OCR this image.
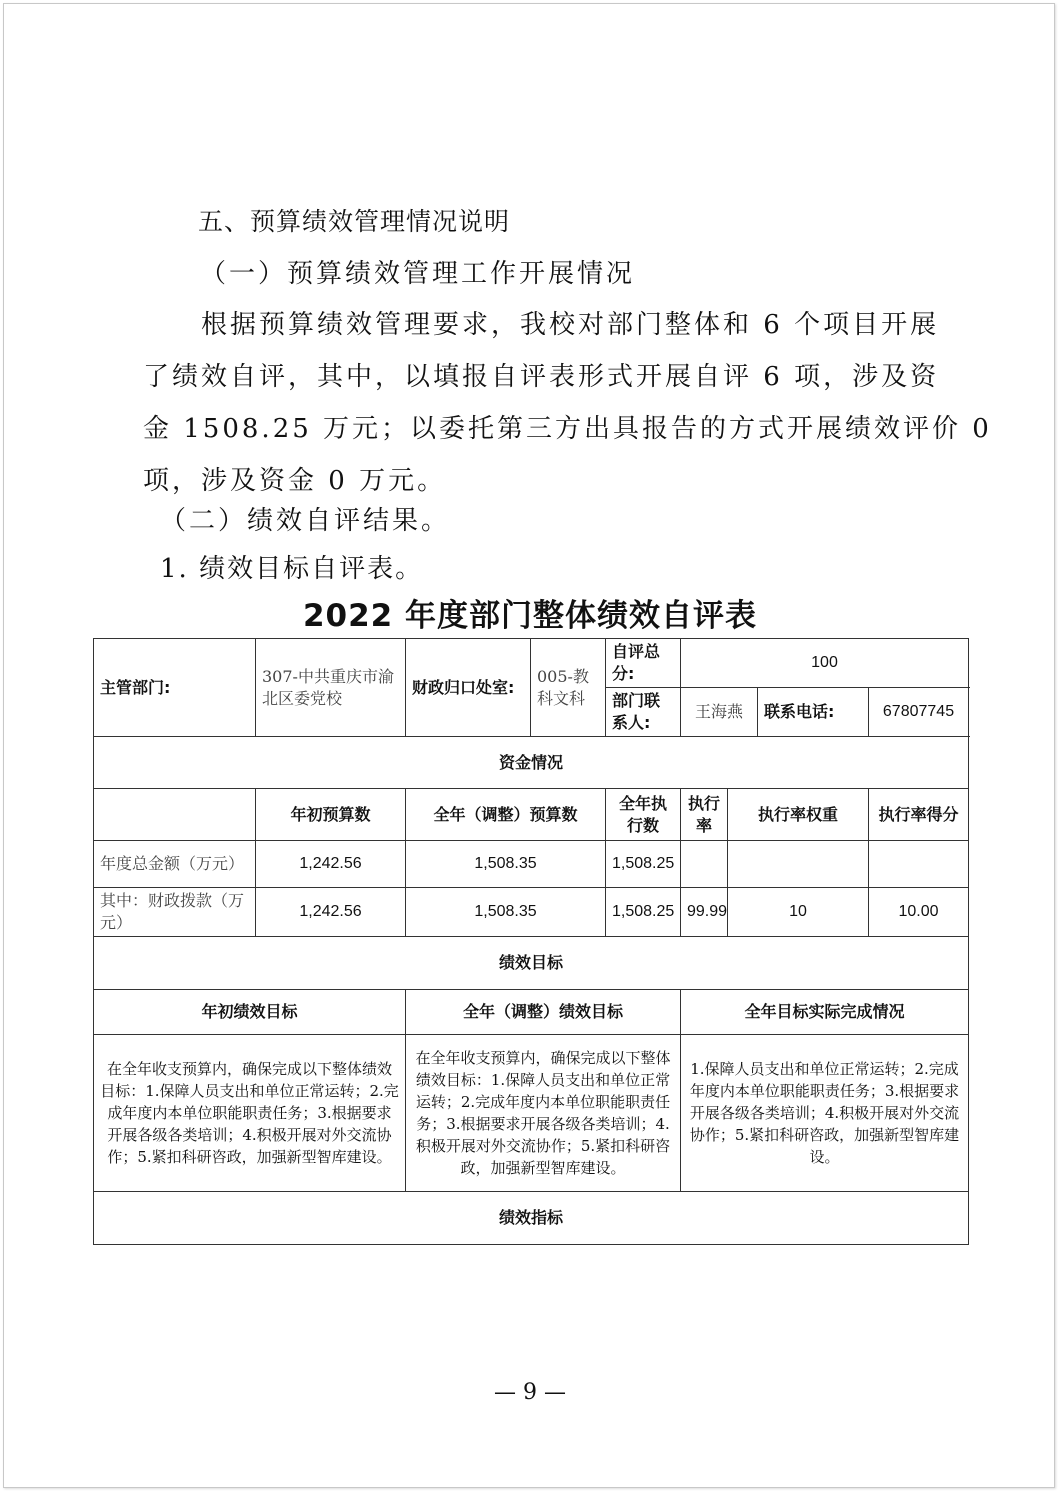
五、预算绩效管理情况说明
（一）预算绩效管理工作开展情况
根据预算绩效管理要求，我校对部门整体和 6 个项目开展
了绩效自评，其中，以填报自评表形式开展自评 6 项，涉及资
金 1508.25 万元；以委托第三方出具报告的方式开展绩效评价 0
项，涉及资金 0 万元。
（二）绩效自评结果。
1. 绩效目标自评表。
2022 年度部门整体绩效自评表
主管部门:	307-中共重庆市渝北区委党校	财政归口处室:	005-教科文科	自评总分:	100			
				部门联系人:	王海燕		联系电话:	67807745
资金情况								
	年初预算数	全年（调整）预算数		全年执行数	执行率	执行率权重		执行率得分
年度总金额（万元）	1,242.56	1,508.35		1,508.25				
其中：财政拨款（万元）	1,242.56	1,508.35		1,508.25	99.99	10		10.00
绩效目标								
年初绩效目标		全年（调整）绩效目标			全年目标实际完成情况			
在全年收支预算内，确保完成以下整体绩效目标：1.保障人员支出和单位正常运转；2.完成年度内本单位职能职责任务；3.根据要求开展各级各类培训；4.积极开展对外交流协作；5.紧扣科研咨政，加强新型智库建设。		在全年收支预算内，确保完成以下整体绩效目标：1.保障人员支出和单位正常运转；2.完成年度内本单位职能职责任务；3.根据要求开展各级各类培训；4.积极开展对外交流协作；5.紧扣科研咨政，加强新型智库建设。			1.保障人员支出和单位正常运转；2.完成年度内本单位职能职责任务；3.根据要求开展各级各类培训；4.积极开展对外交流协作；5.紧扣科研咨政，加强新型智库建设。			
绩效指标								
— 9 —
